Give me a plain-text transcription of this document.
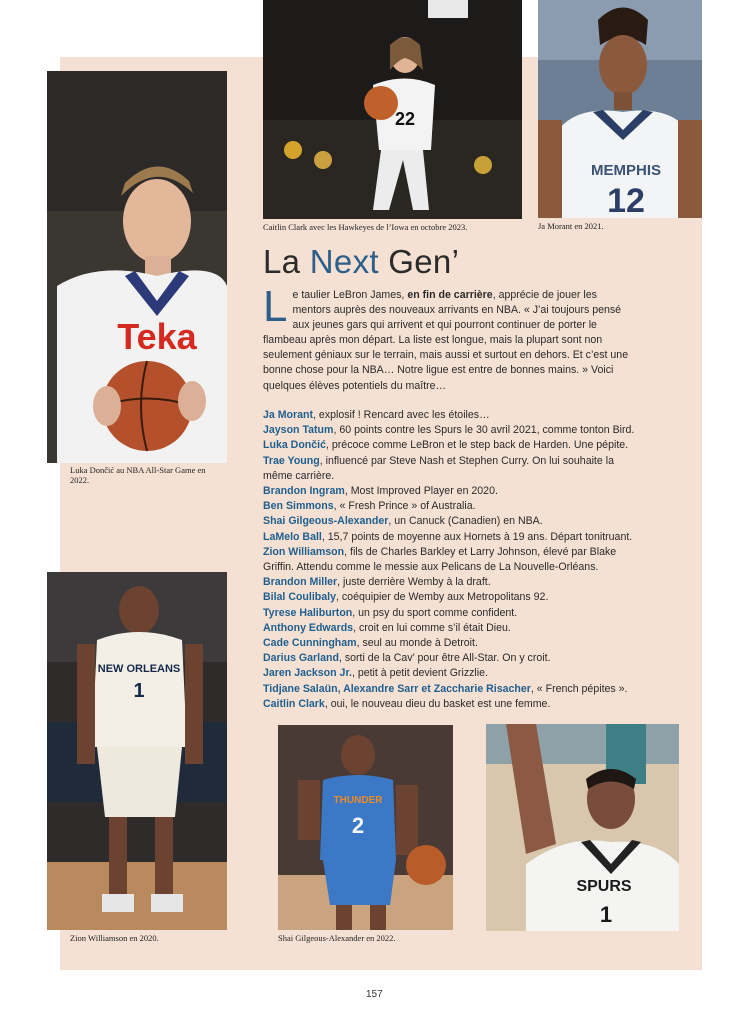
Teka
Luka Dončić au NBA All-Star Game en 2022.
22
Caitlin Clark avec les Hawkeyes de l’Iowa en octobre 2023.
MEMPHIS
12
Ja Morant en 2021.
La Next Gen’
Le taulier LeBron James, en fin de carrière, apprécie de jouer les mentors auprès des nouveaux arrivants en NBA. « J’ai toujours pensé aux jeunes gars qui arrivent et qui pourront continuer de porter le flambeau après mon départ. La liste est longue, mais la plupart sont non seulement géniaux sur le terrain, mais aussi et surtout en dehors. Et c’est une bonne chose pour la NBA… Notre ligue est entre de bonnes mains. » Voici quelques élèves potentiels du maître…
Ja Morant, explosif ! Rencard avec les étoiles…
Jayson Tatum, 60 points contre les Spurs le 30 avril 2021, comme tonton Bird.
Luka Dončić, précoce comme LeBron et le step back de Harden. Une pépite.
Trae Young, influencé par Steve Nash et Stephen Curry. On lui souhaite la même carrière.
Brandon Ingram, Most Improved Player en 2020.
Ben Simmons, « Fresh Prince » of Australia.
Shai Gilgeous-Alexander, un Canuck (Canadien) en NBA.
LaMelo Ball, 15,7 points de moyenne aux Hornets à 19 ans. Départ tonitruant.
Zion Williamson, fils de Charles Barkley et Larry Johnson, élevé par Blake Griffin. Attendu comme le messie aux Pelicans de La Nouvelle-Orléans.
Brandon Miller, juste derrière Wemby à la draft.
Bilal Coulibaly, coéquipier de Wemby aux Metropolitans 92.
Tyrese Haliburton, un psy du sport comme confident.
Anthony Edwards, croit en lui comme s’il était Dieu.
Cade Cunningham, seul au monde à Detroit.
Darius Garland, sorti de la Cav’ pour être All-Star. On y croit.
Jaren Jackson Jr., petit à petit devient Grizzlie.
Tidjane Salaün, Alexandre Sarr et Zaccharie Risacher, « French pépites ».
Caitlin Clark, oui, le nouveau dieu du basket est une femme.
NEW ORLEANS
1
Zion Williamson en 2020.
THUNDER
2
Shai Gilgeous-Alexander en 2022.
SPURS
1
157
